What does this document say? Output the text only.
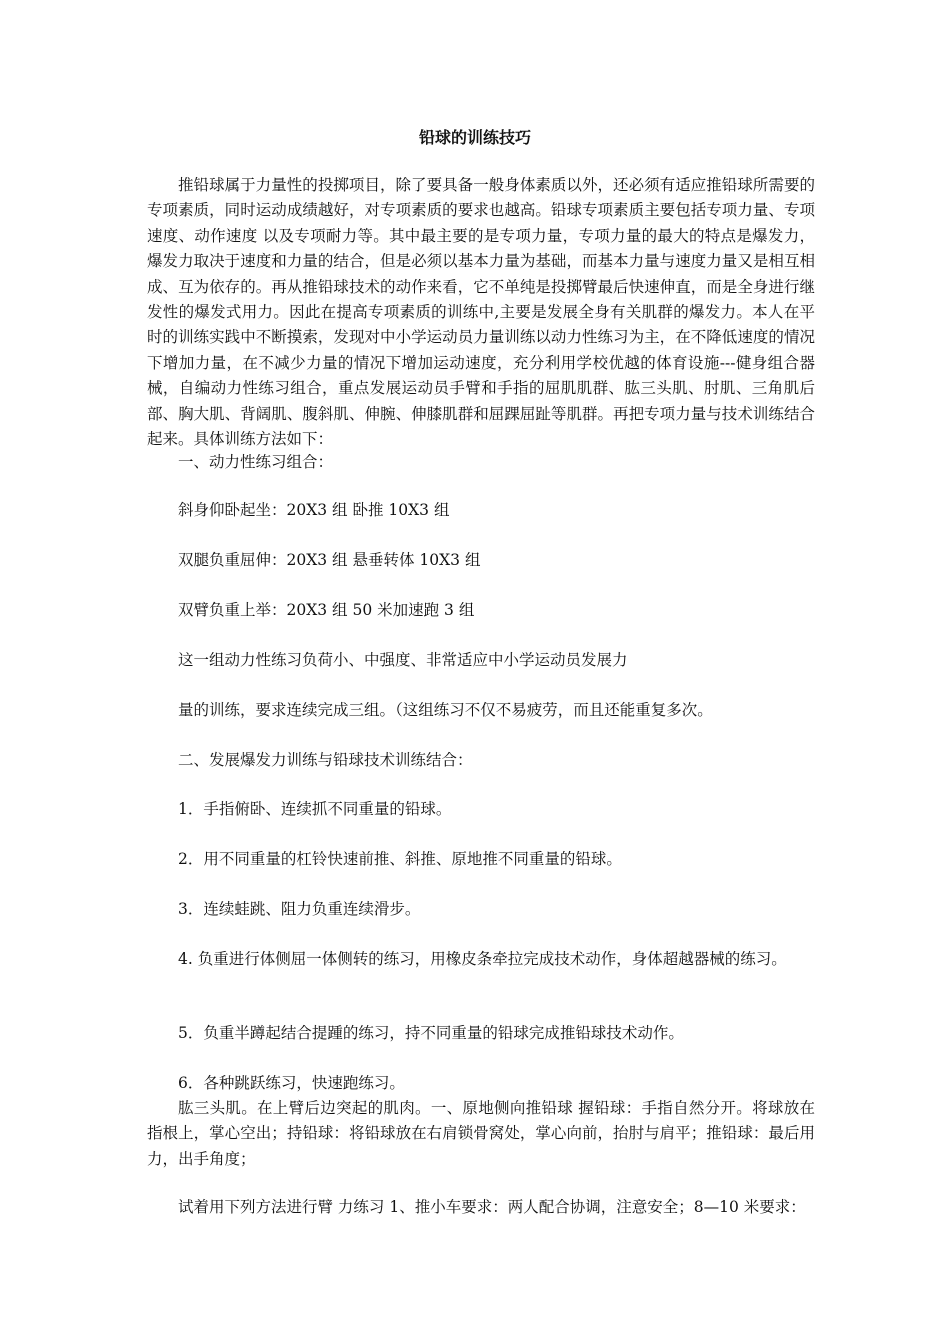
铅球的训练技巧

推铅球属于力量性的投掷项目，除了要具备一般身体素质以外，还必须有适应推铅球所需要的专项素质，同时运动成绩越好，对专项素质的要求也越高。铅球专项素质主要包括专项力量、专项速度、动作速度 以及专项耐力等。其中最主要的是专项力量，专项力量的最大的特点是爆发力，爆发力取决于速度和力量的结合，但是必须以基本力量为基础，而基本力量与速度力量又是相互相成、互为依存的。再从推铅球技术的动作来看，它不单纯是投掷臂最后快速伸直，而是全身进行继发性的爆发式用力。因此在提高专项素质的训练中,主要是发展全身有关肌群的爆发力。本人在平时的训练实践中不断摸索，发现对中小学运动员力量训练以动力性练习为主，在不降低速度的情况下增加力量，在不减少力量的情况下增加运动速度，充分利用学校优越的体育设施---健身组合器械，自编动力性练习组合，重点发展运动员手臂和手指的屈肌肌群、肱三头肌、肘肌、三角肌后部、胸大肌、背阔肌、腹斜肌、伸腕、伸膝肌群和屈踝屈趾等肌群。再把专项力量与技术训练结合起来。具体训练方法如下：

一、动力性练习组合：
斜身仰卧起坐：20X3 组 卧推 10X3 组
双腿负重屈伸：20X3 组 悬垂转体 10X3 组
双臂负重上举：20X3 组 50 米加速跑 3 组
这一组动力性练习负荷小、中强度、非常适应中小学运动员发展力
量的训练，要求连续完成三组。（这组练习不仅不易疲劳，而且还能重复多次。
二、发展爆发力训练与铅球技术训练结合：
1．手指俯卧、连续抓不同重量的铅球。
2．用不同重量的杠铃快速前推、斜推、原地推不同重量的铅球。
3．连续蛙跳、阻力负重连续滑步。
4. 负重进行体侧屈一体侧转的练习，用橡皮条牵拉完成技术动作，身体超越器械的练习。
5．负重半蹲起结合提踵的练习，持不同重量的铅球完成推铅球技术动作。
6．各种跳跃练习，快速跑练习。

肱三头肌。在上臂后边突起的肌肉。一、原地侧向推铅球 握铅球：手指自然分开。将球放在指根上，掌心空出；持铅球：将铅球放在右肩锁骨窝处，掌心向前，抬肘与肩平；推铅球：最后用力，出手角度；

试着用下列方法进行臂 力练习 1、推小车要求：两人配合协调，注意安全；8—10 米要求：
